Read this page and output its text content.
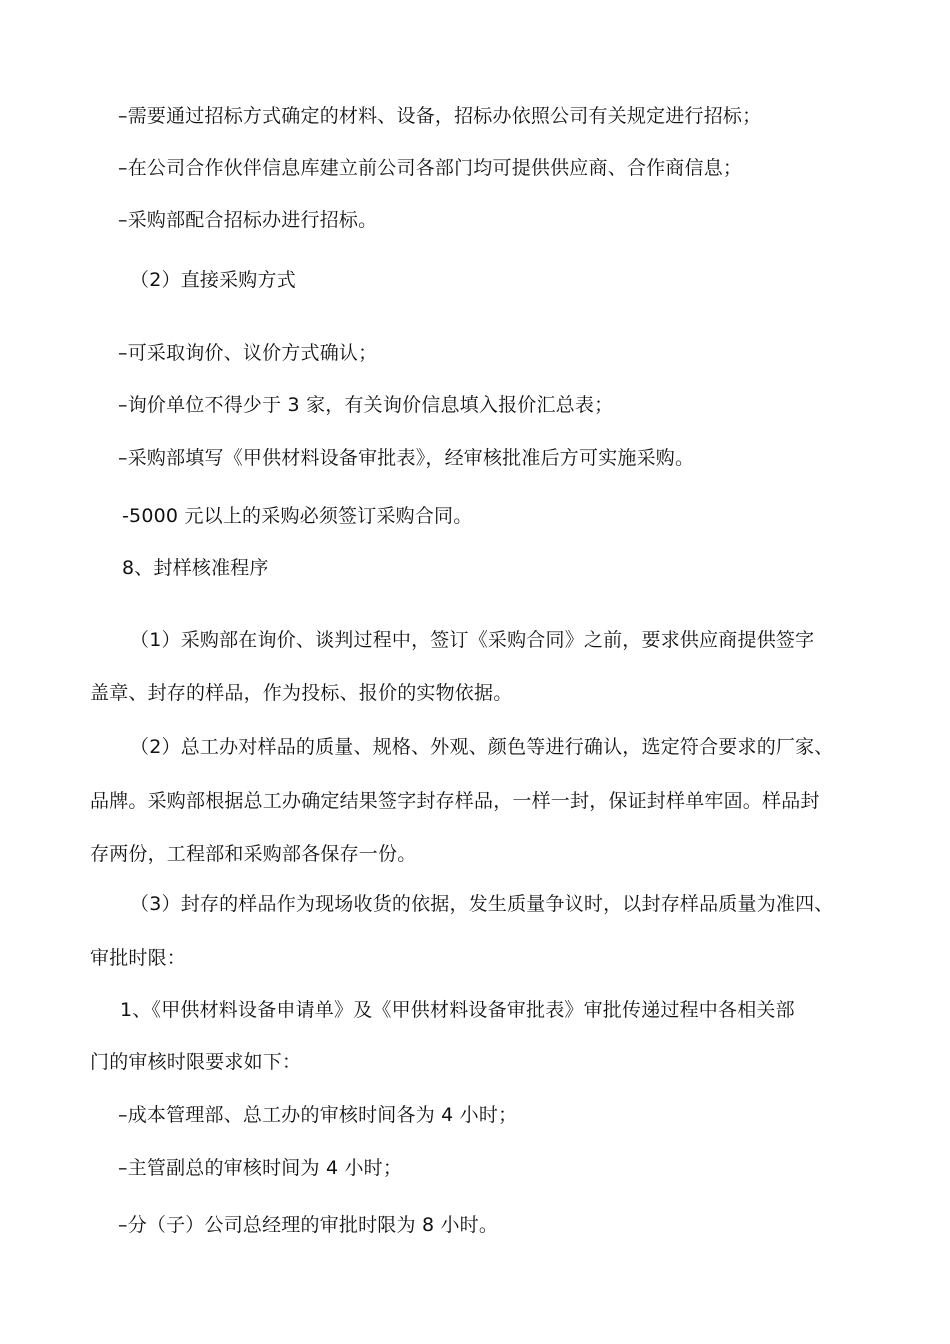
–需要通过招标方式确定的材料、设备，招标办依照公司有关规定进行招标；
–在公司合作伙伴信息库建立前公司各部门均可提供供应商、合作商信息；
–采购部配合招标办进行招标。
（2）直接采购方式
–可采取询价、议价方式确认；
–询价单位不得少于 3 家，有关询价信息填入报价汇总表；
–采购部填写《甲供材料设备审批表》，经审核批准后方可实施采购。
-5000 元以上的采购必须签订采购合同。
8、封样核准程序
（1）采购部在询价、谈判过程中，签订《采购合同》之前，要求供应商提供签字
盖章、封存的样品，作为投标、报价的实物依据。
（2）总工办对样品的质量、规格、外观、颜色等进行确认，选定符合要求的厂家、
品牌。采购部根据总工办确定结果签字封存样品，一样一封，保证封样单牢固。样品封
存两份，工程部和采购部各保存一份。
（3）封存的样品作为现场收货的依据，发生质量争议时，以封存样品质量为准四、
审批时限：
1、《甲供材料设备申请单》及《甲供材料设备审批表》审批传递过程中各相关部
门的审核时限要求如下：
–成本管理部、总工办的审核时间各为 4 小时；
–主管副总的审核时间为 4 小时；
–分（子）公司总经理的审批时限为 8 小时。
